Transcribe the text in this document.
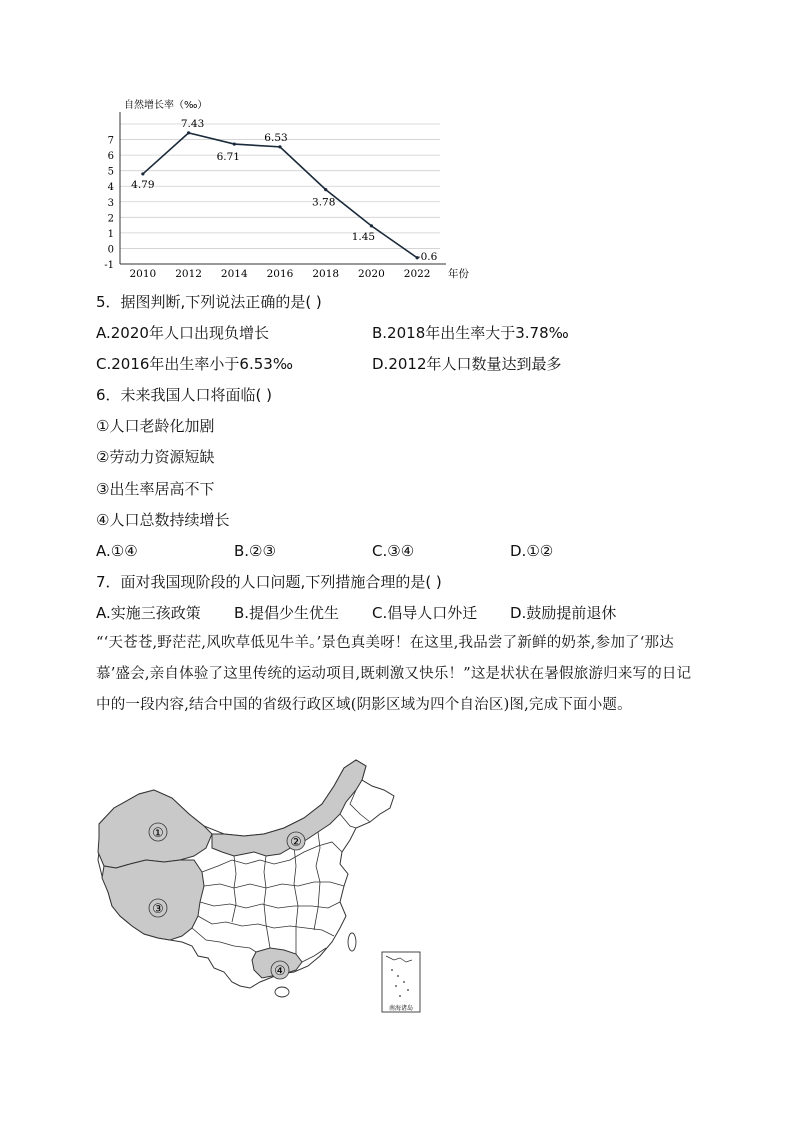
-1
0
1
2
3
4
5
6
7
2010 2012 2014 2016 2018 2020 2022
自然增长率（‰）
年份
4.79
7.43
6.71
6.53
3.78
1.45
-0.6
5．据图判断,下列说法正确的是( )
A.2020年人口出现负增长	B.2018年出生率大于3.78‰
C.2016年出生率小于6.53‰	D.2012年人口数量达到最多
6．未来我国人口将面临( )
①人口老龄化加剧
②劳动力资源短缺
③出生率居高不下
④人口总数持续增长
A.①④	B.②③	C.③④	D.①②
7．面对我国现阶段的人口问题,下列措施合理的是( )
A.实施三孩政策 B.提倡少生优生 C.倡导人口外迁 D.鼓励提前退休
“‘天苍苍,野茫茫,风吹草低见牛羊。’景色真美呀！在这里,我品尝了新鲜的奶茶,参加了‘那达慕’盛会,亲自体验了这里传统的运动项目,既刺激又快乐！”这是状状在暑假旅游归来写的日记中的一段内容,结合中国的省级行政区域(阴影区域为四个自治区)图,完成下面小题。
①
②
③
④
南海诸岛
